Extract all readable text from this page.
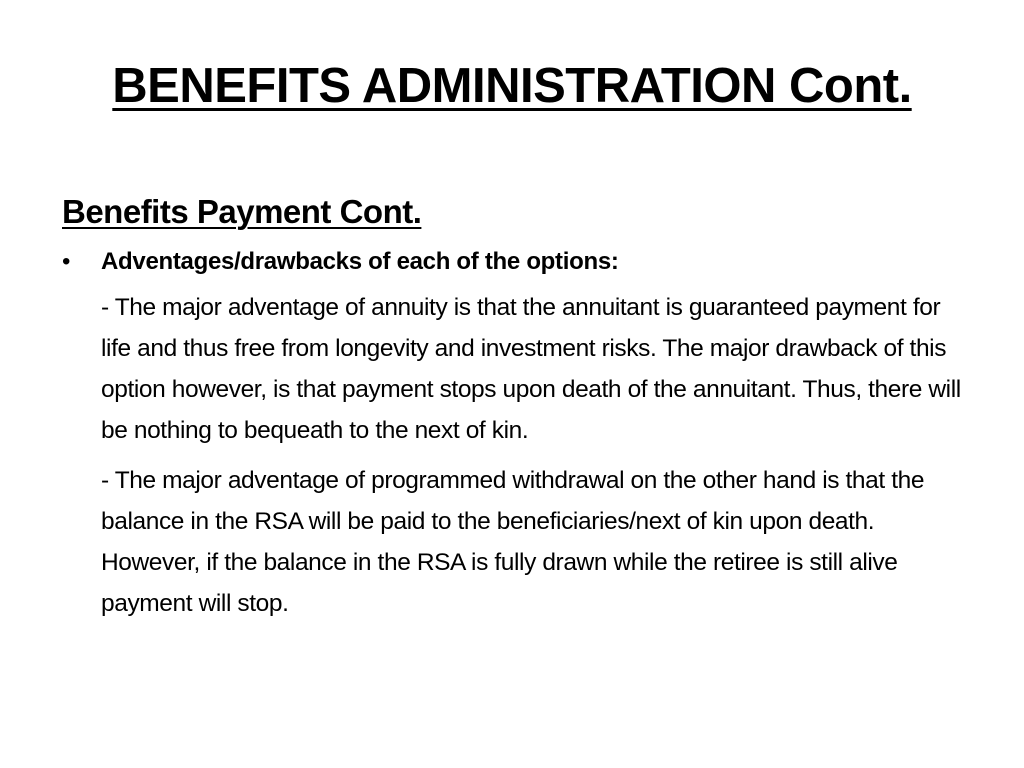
BENEFITS ADMINISTRATION Cont.
Benefits Payment Cont.
• Adventages/drawbacks of each of the options:

- The major adventage of annuity is that the annuitant is guaranteed payment for life and thus free from longevity and investment risks. The major drawback of this option however, is that payment stops upon death of the annuitant. Thus, there will be nothing to bequeath to the next of kin.

- The major adventage of programmed withdrawal on the other hand is that the balance in the RSA will be paid to the beneficiaries/next of kin upon death. However, if the balance in the RSA is fully drawn while the retiree is still alive payment will stop.
